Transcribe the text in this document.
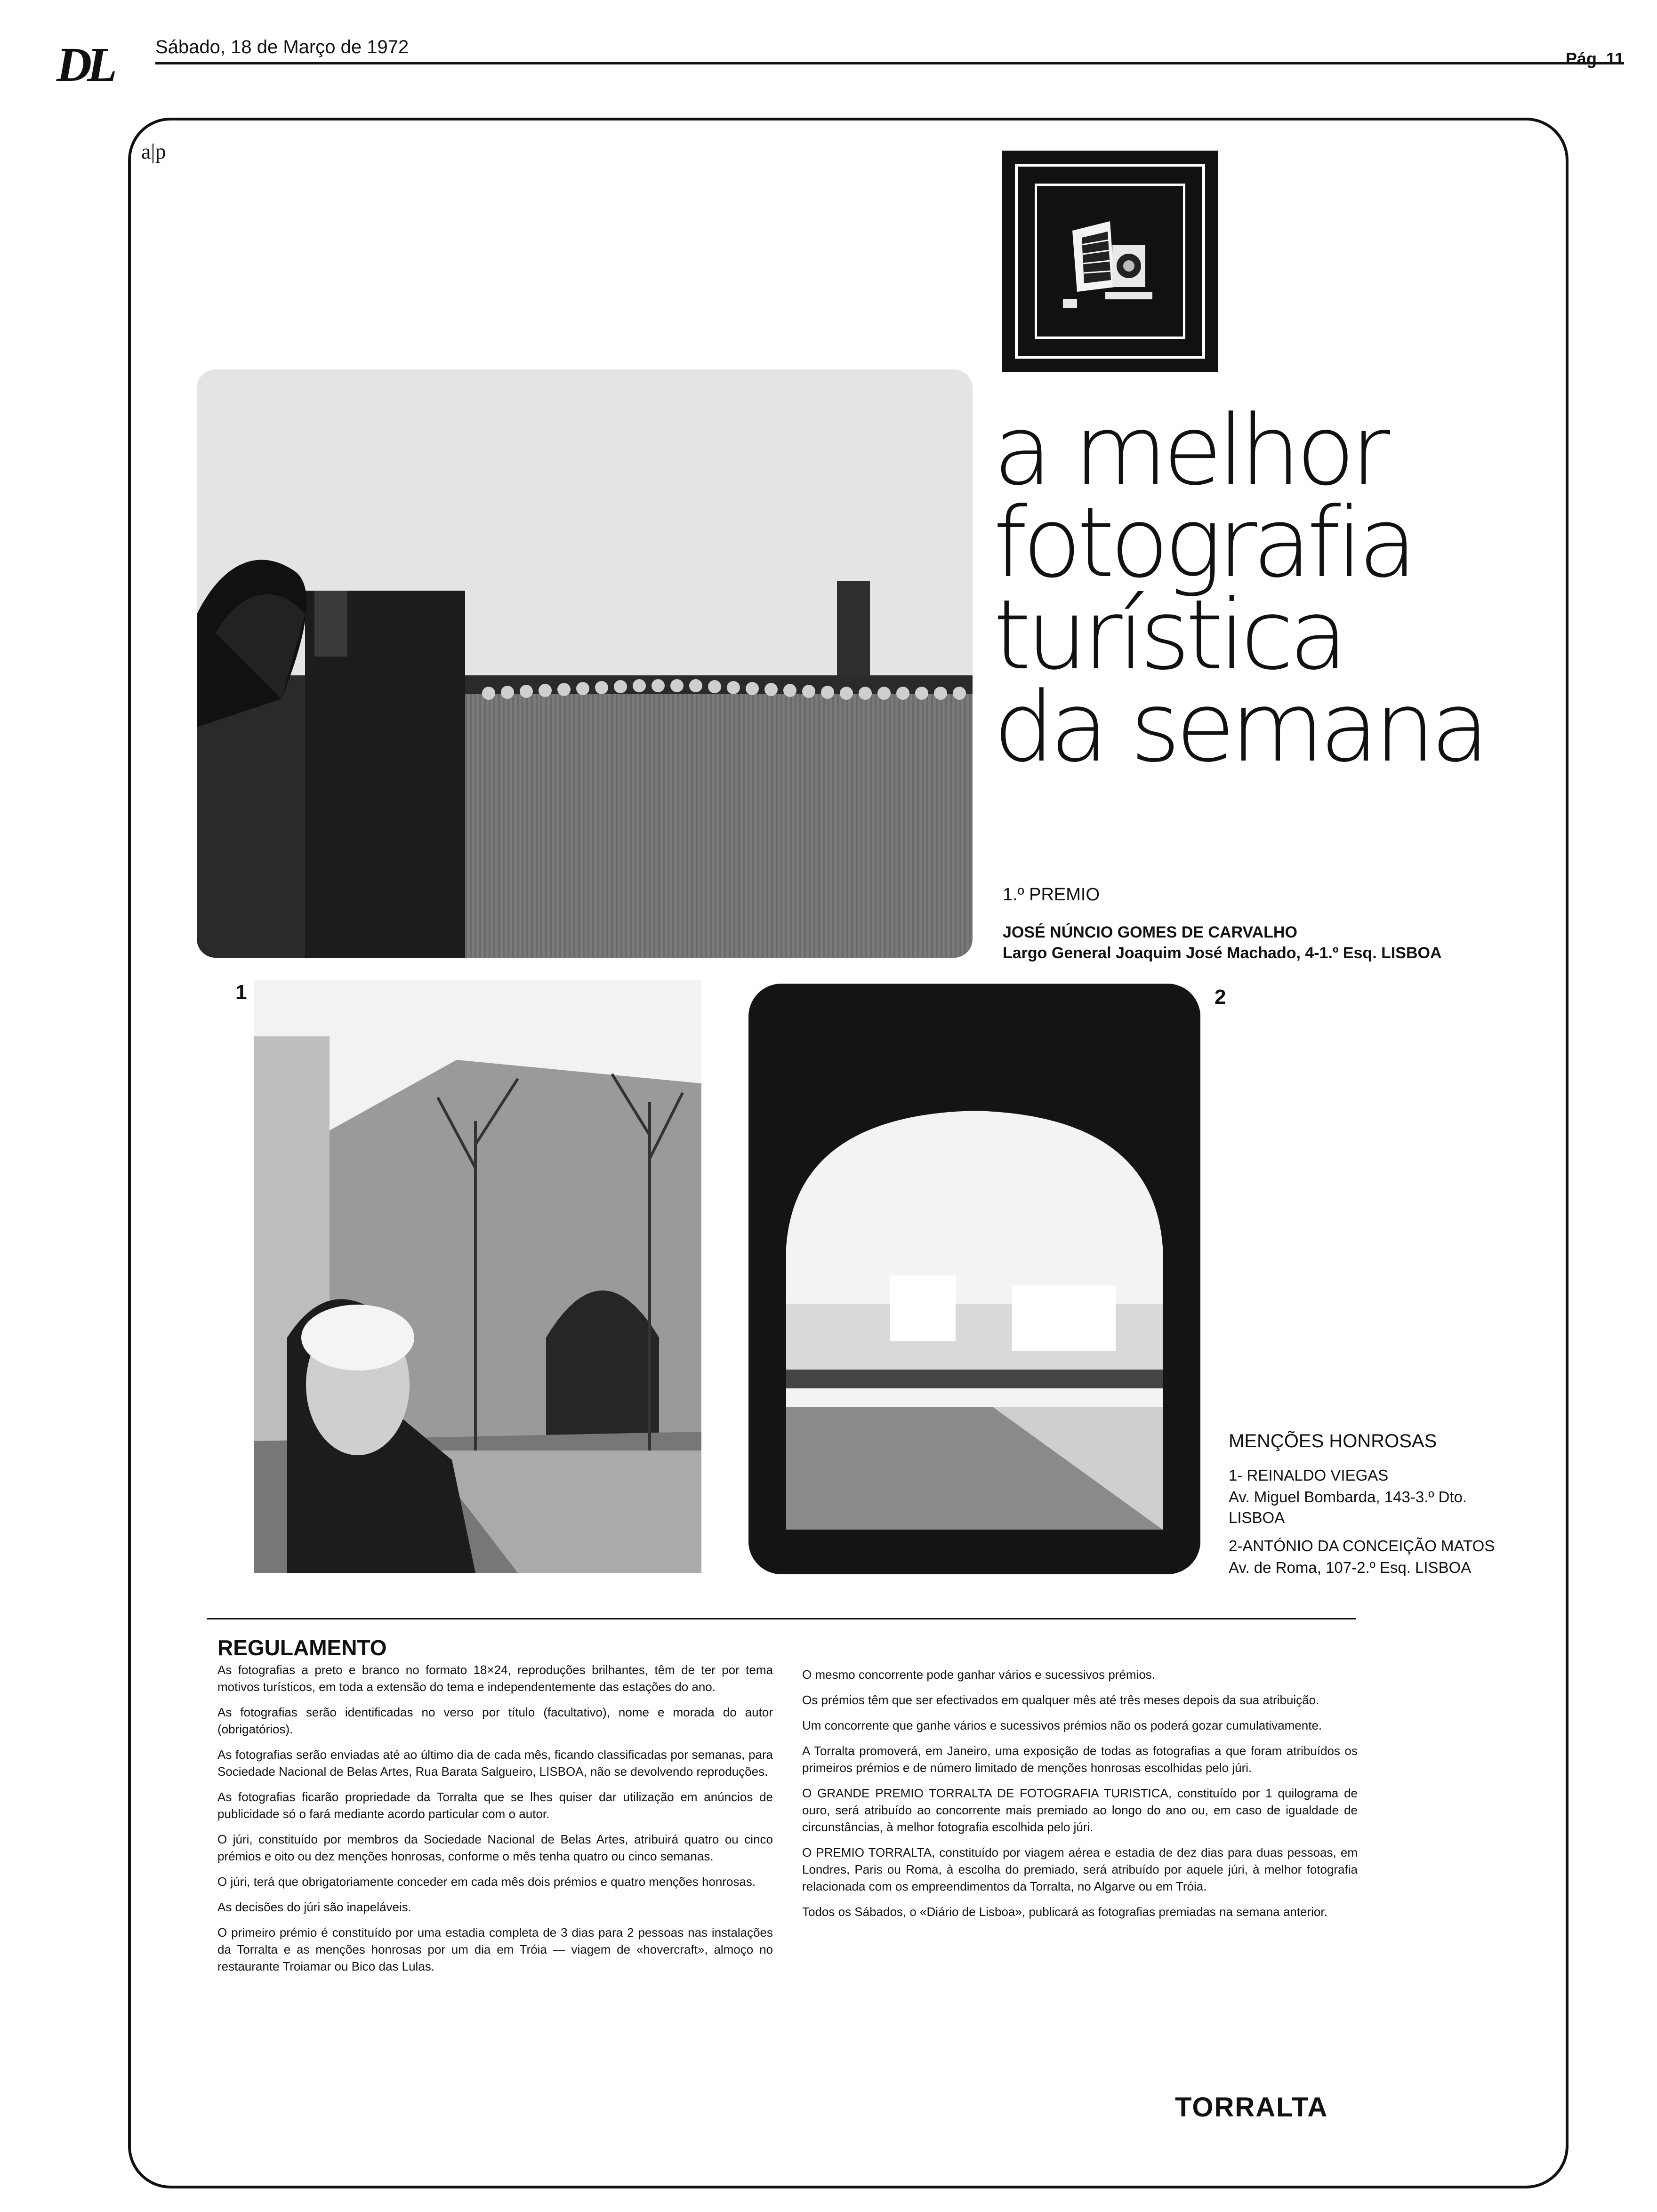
DL Sábado, 18 de Março de 1972
Pág. 11
a|p
a melhor
fotografia
turística
da semana
1.º PREMIO
JOSÉ NÚNCIO GOMES DE CARVALHO
Largo General Joaquim José Machado, 4-1.º Esq. LISBOA
1	2
MENÇÕES HONROSAS
1- REINALDO VIEGAS
Av. Miguel Bombarda, 143-3.º Dto.
LISBOA
2-ANTÓNIO DA CONCEIÇÃO MATOS
Av. de Roma, 107-2.º Esq. LISBOA
REGULAMENTO

As fotografias a preto e branco no formato 18×24, reproduções brilhantes, têm de ter por tema motivos turísticos, em toda a extensão do tema e independentemente das estações do ano.

As fotografias serão identificadas no verso por título (facultativo), nome e morada do autor (obrigatórios).

As fotografias serão enviadas até ao último dia de cada mês, ficando classificadas por semanas, para Sociedade Nacional de Belas Artes, Rua Barata Salgueiro, LISBOA, não se devolvendo reproduções.

As fotografias ficarão propriedade da Torralta que se lhes quiser dar utilização em anúncios de publicidade só o fará mediante acordo particular com o autor.

O júri, constituído por membros da Sociedade Nacional de Belas Artes, atribuirá quatro ou cinco prémios e oito ou dez menções honrosas, conforme o mês tenha quatro ou cinco semanas.

O júri, terá que obrigatoriamente conceder em cada mês dois prémios e quatro menções honrosas.

As decisões do júri são inapeláveis.

O primeiro prémio é constituído por uma estadia completa de 3 dias para 2 pessoas nas instalações da Torralta e as menções honrosas por um dia em Tróia — viagem de «hovercraft», almoço no restaurante Troiamar ou Bico das Lulas.

O mesmo concorrente pode ganhar vários e sucessivos prémios.

Os prémios têm que ser efectivados em qualquer mês até três meses depois da sua atribuição.

Um concorrente que ganhe vários e sucessivos prémios não os poderá gozar cumulativamente.

A Torralta promoverá, em Janeiro, uma exposição de todas as fotografias a que foram atribuídos os primeiros prémios e de número limitado de menções honrosas escolhidas pelo júri.

O GRANDE PREMIO TORRALTA DE FOTOGRAFIA TURISTICA, constituído por 1 quilograma de ouro, será atribuído ao concorrente mais premiado ao longo do ano ou, em caso de igualdade de circunstâncias, à melhor fotografia escolhida pelo júri.

O PREMIO TORRALTA, constituído por viagem aérea e estadia de dez dias para duas pessoas, em Londres, Paris ou Roma, à escolha do premiado, será atribuído por aquele júri, à melhor fotografia relacionada com os empreendimentos da Torralta, no Algarve ou em Tróia.

Todos os Sábados, o «Diário de Lisboa», publicará as fotografias premiadas na semana anterior.

TORRALTA
